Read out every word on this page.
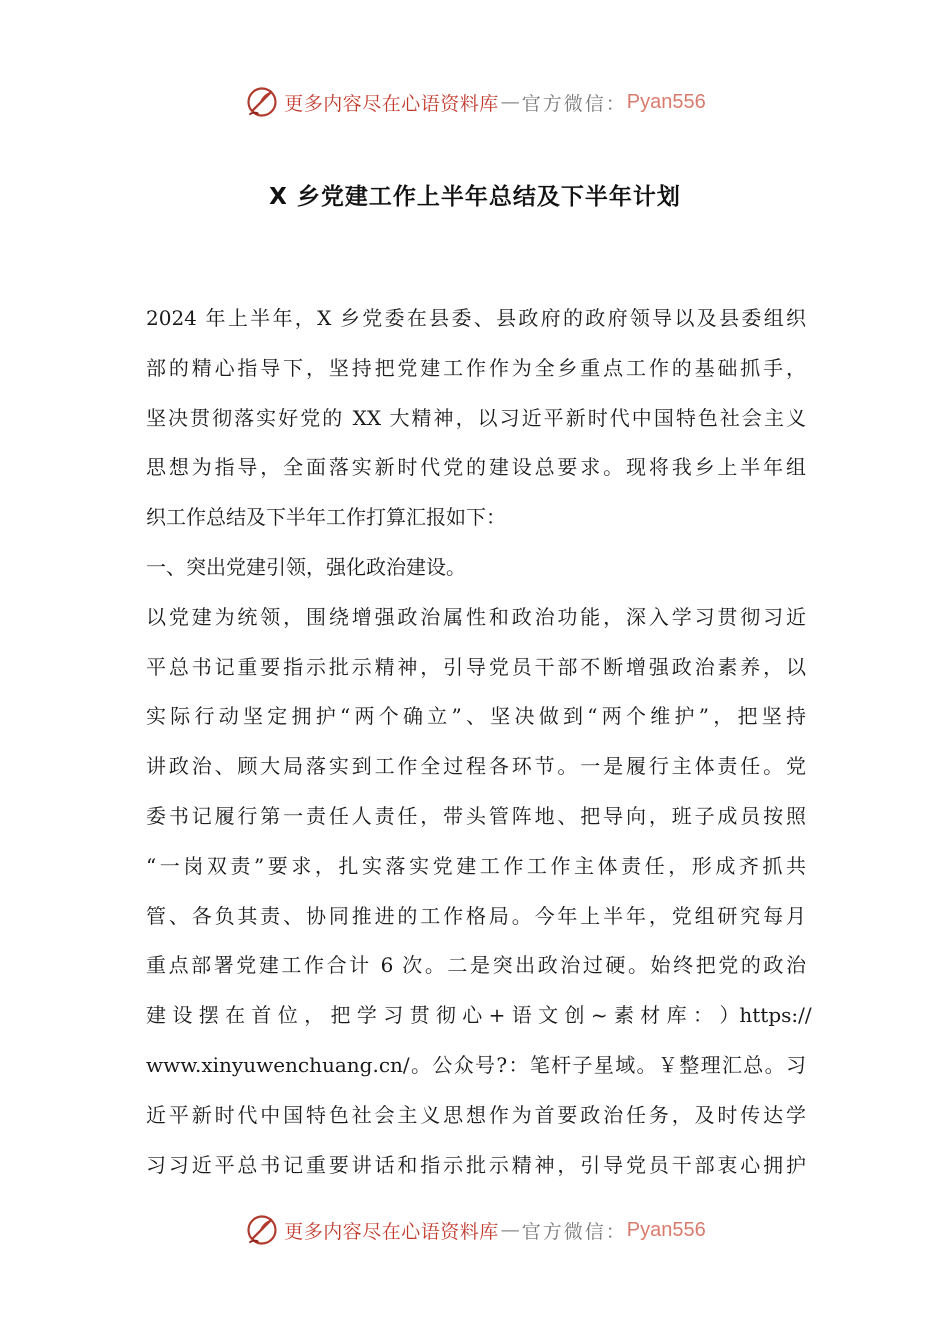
更多内容尽在心语资料库 — 官方微信： Pyan556
X 乡党建工作上半年总结及下半年计划
2024 年上半年，X 乡党委在县委、县政府的政府领导以及县委组织
部的精心指导下，坚持把党建工作作为全乡重点工作的基础抓手，
坚决贯彻落实好党的 XX 大精神，以习近平新时代中国特色社会主义
思想为指导，全面落实新时代党的建设总要求。现将我乡上半年组
织工作总结及下半年工作打算汇报如下：
一、突出党建引领，强化政治建设。
以党建为统领，围绕增强政治属性和政治功能，深入学习贯彻习近
平总书记重要指示批示精神，引导党员干部不断增强政治素养，以
实际行动坚定拥护“两个确立”、坚决做到“两个维护”，把坚持
讲政治、顾大局落实到工作全过程各环节。一是履行主体责任。党
委书记履行第一责任人责任，带头管阵地、把导向，班子成员按照
“一岗双责”要求，扎实落实党建工作工作主体责任，形成齐抓共
管、各负其责、协同推进的工作格局。今年上半年，党组研究每月
重点部署党建工作合计 6 次。二是突出政治过硬。始终把党的政治
建 设 摆 在 首 位 ， 把 学 习 贯 彻 心 + 语 文 创 ~ 素 材 库 ： ）https://
www.xinyuwenchuang.cn/。公众号?：笔杆子星域。￥整理汇总。习
近平新时代中国特色社会主义思想作为首要政治任务，及时传达学
习习近平总书记重要讲话和指示批示精神，引导党员干部衷心拥护
更多内容尽在心语资料库 — 官方微信： Pyan556
